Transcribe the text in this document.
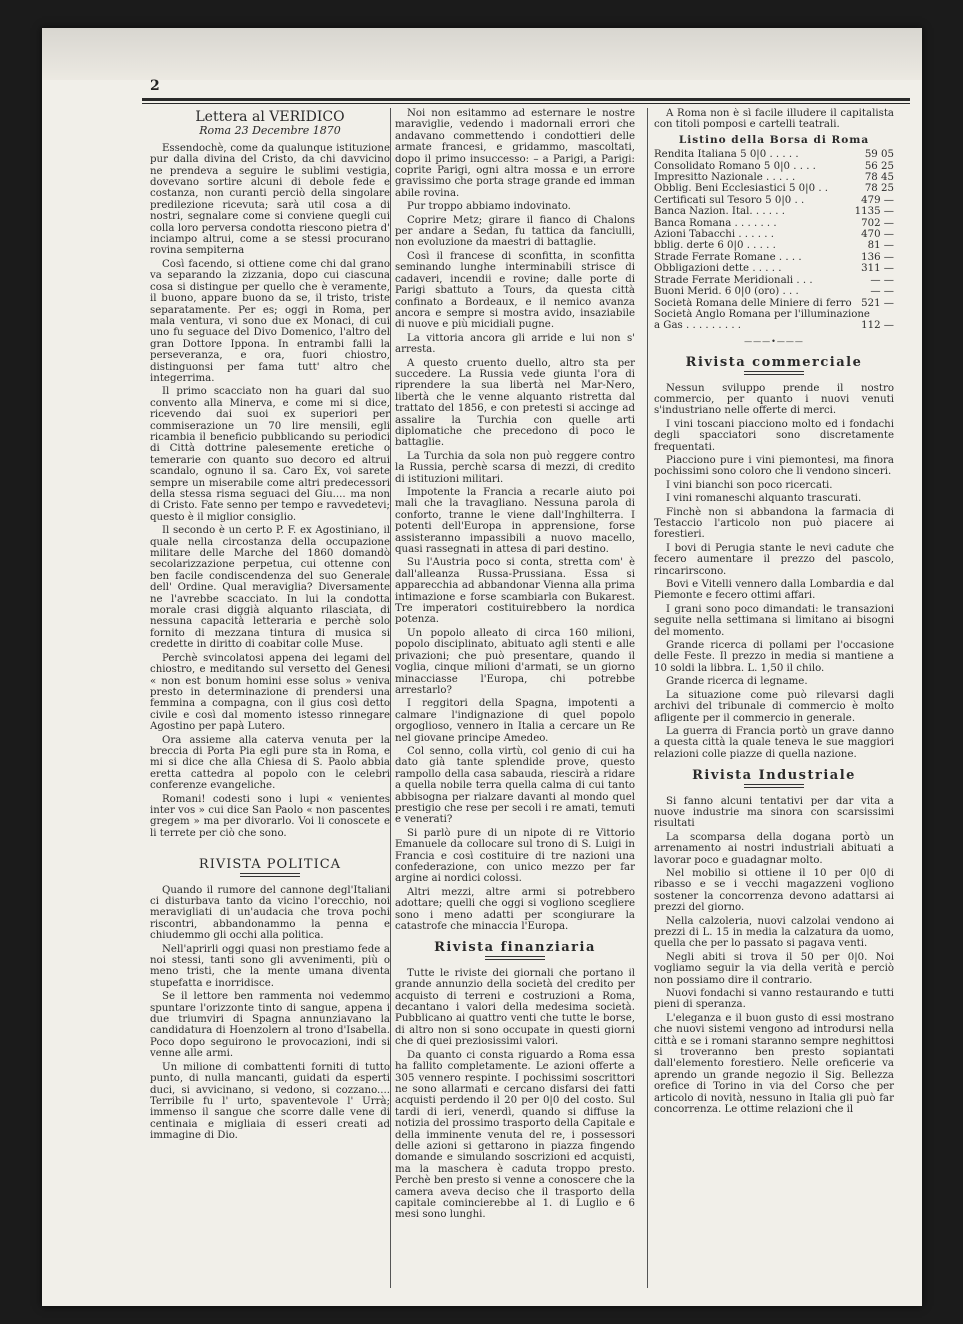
2
Lettera al VERIDICO
Roma 23 Decembre 1870

Essendochè, come da qualunque istituzione pur dalla divina del Cristo, da chi davvicino ne prendeva a seguire le sublimi vestigia, dovevano sortire alcuni di debole fede e costanza, non curanti perciò della singolare predilezione ricevuta; sarà util cosa a di nostri, segnalare come si conviene quegli cui colla loro perversa condotta riescono pietra d' inciampo altrui, come a se stessi procurano rovina sempiterna

Così facendo, si ottiene come chi dal grano va separando la zizzania, dopo cui ciascuna cosa si distingue per quello che è veramente, il buono, appare buono da se, il tristo, triste separatamente. Per es; oggi in Roma, per mala ventura, vi sono due ex Monaci, di cui uno fu seguace del Divo Domenico, l'altro del gran Dottore Ippona. In entrambi falli la perseveranza, e ora, fuori chiostro, distinguonsi per fama tutt' altro che integerrima.

Il primo scacciato non ha guari dal suo convento alla Minerva, e come mi si dice, ricevendo dai suoi ex superiori per commiserazione un 70 lire mensili, egli ricambia il beneficio pubblicando su periodici di Città dottrine palesemente eretiche o temerarie con quanto suo decoro ed altrui scandalo, ognuno il sa. Caro Ex, voi sarete sempre un miserabile come altri predecessori della stessa risma seguaci del Giu.... ma non di Cristo. Fate senno per tempo e ravvedetevi; questo è il miglior consiglio.

Il secondo è un certo P. F. ex Agostiniano, il quale nella circostanza della occupazione militare delle Marche del 1860 domandò secolarizzazione perpetua, cui ottenne con ben facile condiscendenza del suo Generale dell' Ordine. Qual meraviglia? Diversamente ne l'avrebbe scacciato. In lui la condotta morale crasi diggià alquanto rilasciata, di nessuna capacità letteraria e perchè solo fornito di mezzana tintura di musica si credette in diritto di coabitar colle Muse.

Perchè svincolatosi appena dei legami del chiostro, e meditando sul versetto del Genesi « non est bonum homini esse solus » veniva presto in determinazione di prendersi una femmina a compagna, con il gius così detto civile e così dal momento istesso rinnegare Agostino per papà Lutero.

Ora assieme alla caterva venuta per la breccia di Porta Pia egli pure sta in Roma, e mi si dice che alla Chiesa di S. Paolo abbia eretta cattedra al popolo con le celebri conferenze evangeliche.

Romani! codesti sono i lupi « venientes inter vos » cui dice San Paolo « non pascentes gregem » ma per divorarlo. Voi li conoscete e li terrete per ciò che sono.

RIVISTA POLITICA

Quando il rumore del cannone degl'Italiani ci disturbava tanto da vicino l'orecchio, noi meravigliati di un'audacia che trova pochi riscontri, abbandonammo la penna e chiudemmo gli occhi alla politica.

Nell'aprirli oggi quasi non prestiamo fede a noi stessi, tanti sono gli avvenimenti, più o meno tristi, che la mente umana diventa stupefatta e inorridisce.

Se il lettore ben rammenta noi vedemmo spuntare l'orizzonte tinto di sangue, appena i due triumviri di Spagna annunziavano la candidatura di Hoenzolern al trono d'Isabella. Poco dopo seguirono le provocazioni, indi si venne alle armi.

Un milione di combattenti forniti di tutto punto, di nulla mancanti, guidati da esperti duci, si avvicinano, si vedono, si cozzano.... Terribile fu l' urto, spaventevole l' Urrà; immenso il sangue che scorre dalle vene di centinaia e migliaia di esseri creati ad immagine di Dio.

Noi non esitammo ad esternare le nostre maraviglie, vedendo i madornali errori che andavano commettendo i condottieri delle armate francesi, e gridammo, mascoltati, dopo il primo insuccesso: – a Parigi, a Parigi: coprite Parigi, ogni altra mossa e un errore gravissimo che porta strage grande ed imman abile rovina.

Pur troppo abbiamo indovinato.

Coprire Metz; girare il fianco di Chalons per andare a Sedan, fu tattica da fanciulli, non evoluzione da maestri di battaglie.

Così il francese di sconfitta, in sconfitta seminando lunghe interminabili strisce di cadaveri, incendii e rovine; dalle porte di Parigi sbattuto a Tours, da questa città confinato a Bordeaux, e il nemico avanza ancora e sempre si mostra avido, insaziabile di nuove e più micidiali pugne.

La vittoria ancora gli arride e lui non s' arresta.

A questo cruento duello, altro sta per succedere. La Russia vede giunta l'ora di riprendere la sua libertà nel Mar-Nero, libertà che le venne alquanto ristretta dal trattato del 1856, e con pretesti si accinge ad assalire la Turchia con quelle arti diplomatiche che precedono di poco le battaglie.

La Turchia da sola non può reggere contro la Russia, perchè scarsa di mezzi, di credito di istituzioni militari.

Impotente la Francia a recarle aiuto poi mali che la travagliano. Nessuna parola di conforto, tranne le viene dall'Inghilterra. I potenti dell'Europa in apprensione, forse assisteranno impassibili a nuovo macello, quasi rassegnati in attesa di pari destino.

Su l'Austria poco si conta, stretta com' è dall'alleanza Russa-Prussiana. Essa si apparecchia ad abbandonar Vienna alla prima intimazione e forse scambiarla con Bukarest. Tre imperatori costituirebbero la nordica potenza.

Un popolo alleato di circa 160 milioni, popolo disciplinato, abituato agli stenti e alle privazioni; che può presentare, quando il voglia, cinque milioni d'armati, se un giorno minacciasse l'Europa, chi potrebbe arrestarlo?

I reggitori della Spagna, impotenti a calmare l'indignazione di quel popolo orgoglioso, vennero in Italia a cercare un Re nel giovane principe Amedeo.

Col senno, colla virtù, col genio di cui ha dato già tante splendide prove, questo rampollo della casa sabauda, riescirà a ridare a quella nobile terra quella calma di cui tanto abbisogna per rialzare davanti al mondo quel prestigio che rese per secoli i re amati, temuti e venerati?

Si parlò pure di un nipote di re Vittorio Emanuele da collocare sul trono di S. Luigi in Francia e così costituire di tre nazioni una confederazione, con unico mezzo per far argine ai nordici colossi.

Altri mezzi, altre armi si potrebbero adottare; quelli che oggi si vogliono scegliere sono i meno adatti per scongiurare la catastrofe che minaccia l'Europa.

Rivista finanziaria

Tutte le riviste dei giornali che portano il grande annunzio della società del credito per acquisto di terreni e costruzioni a Roma, decantano i valori della medesima società. Pubblicano ai quattro venti che tutte le borse, di altro non si sono occupate in questi giorni che di quei preziosissimi valori.

Da quanto ci consta riguardo a Roma essa ha fallito completamente. Le azioni offerte a 305 vennero respinte. I pochissimi soscrittori ne sono allarmati e cercano disfarsi dei fatti acquisti perdendo il 20 per 0|0 del costo. Sul tardi di ieri, venerdì, quando si diffuse la notizia del prossimo trasporto della Capitale e della imminente venuta del re, i possessori delle azioni si gettarono in piazza fingendo domande e simulando soscrizioni ed acquisti, ma la maschera è caduta troppo presto. Perchè ben presto si venne a conoscere che la camera aveva deciso che il trasporto della capitale comincierebbe al 1. di Luglio e 6 mesi sono lunghi.

A Roma non è sì facile illudere il capitalista con titoli pomposi e cartelli teatrali.

Listino della Borsa di Roma
Rendita Italiana 5 0|0 . . . . .	59 05
Consolidato Romano 5 0|0 . . . .	56 25
Impresitto Nazionale . . . . .	78 45
Obblig. Beni Ecclesiastici 5 0|0 . .	78 25
Certificati sul Tesoro 5 0|0 . .	479 —
Banca Nazion. Ital. . . . . .	1135 —
Banca Romana . . . . . . .	702 —
Azioni Tabacchi . . . . . .	470 —
bblig. derte 6 0|0 . . . . .	81 —
Strade Ferrate Romane . . . .	136 —
Obbligazioni dette . . . . .	311 —
Strade Ferrate Meridionali . . .	— —
Buoni Merid. 6 0|0 (oro) . . .	— —
Società Romana delle Miniere di ferro 521 —
Società Anglo Romana per l'illuminazione
a Gas . . . . . . . . .	112 —
———•———
Rivista commerciale

Nessun sviluppo prende il nostro commercio, per quanto i nuovi venuti s'industriano nelle offerte di merci.

I vini toscani piacciono molto ed i fondachi degli spacciatori sono discretamente frequentati.

Piacciono pure i vini piemontesi, ma finora pochissimi sono coloro che li vendono sinceri.

I vini bianchi son poco ricercati.

I vini romaneschi alquanto trascurati.

Finchè non si abbandona la farmacia di Testaccio l'articolo non può piacere ai forestieri.

I bovi di Perugia stante le nevi cadute che fecero aumentare il prezzo del pascolo, rincarirscono.

Bovi e Vitelli vennero dalla Lombardia e dal Piemonte e fecero ottimi affari.

I grani sono poco dimandati: le transazioni seguite nella settimana si limitano ai bisogni del momento.

Grande ricerca di pollami per l'occasione delle Feste. Il prezzo in media si mantiene a 10 soldi la libbra. L. 1,50 il chilo.

Grande ricerca di legname.

La situazione come può rilevarsi dagli archivi del tribunale di commercio è molto afligente per il commercio in generale.

La guerra di Francia portò un grave danno a questa città la quale teneva le sue maggiori relazioni colle piazze di quella nazione.

Rivista Industriale

Si fanno alcuni tentativi per dar vita a nuove industrie ma sinora con scarsissimi risultati

La scomparsa della dogana portò un arrenamento ai nostri industriali abituati a lavorar poco e guadagnar molto.

Nel mobilio si ottiene il 10 per 0|0 di ribasso e se i vecchi magazzeni vogliono sostener la concorrenza devono adattarsi ai prezzi del giorno.

Nella calzoleria, nuovi calzolai vendono ai prezzi di L. 15 in media la calzatura da uomo, quella che per lo passato si pagava venti.

Negli abiti si trova il 50 per 0|0. Noi vogliamo seguir la via della verità e perciò non possiamo dire il contrario.

Nuovi fondachi si vanno restaurando e tutti pieni di speranza.

L'eleganza e il buon gusto di essi mostrano che nuovi sistemi vengono ad introdursi nella città e se i romani staranno sempre neghittosi si troveranno ben presto sopiantati dall'elemento forestiero. Nelle oreficerie va aprendo un grande negozio il Sig. Bellezza orefice di Torino in via del Corso che per articolo di novità, nessuno in Italia gli può far concorrenza. Le ottime relazioni che il
